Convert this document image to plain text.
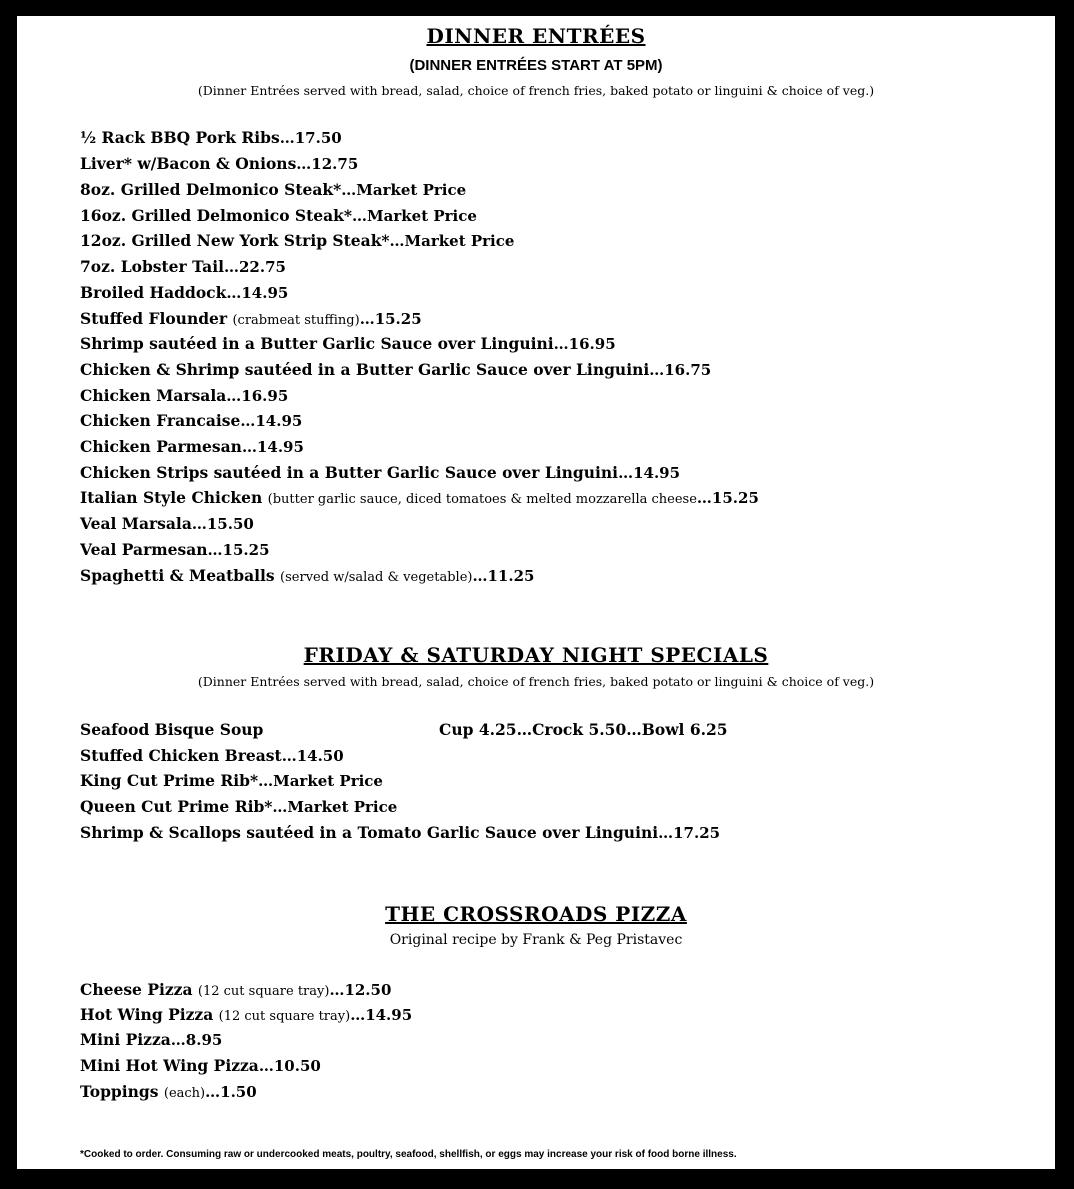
DINNER ENTRÉES
(DINNER ENTRÉES START AT 5PM)
(Dinner Entrées served with bread, salad, choice of french fries, baked potato or linguini & choice of veg.)
½ Rack BBQ Pork Ribs…17.50
Liver* w/Bacon & Onions…12.75
8oz. Grilled Delmonico Steak*…Market Price
16oz. Grilled Delmonico Steak*…Market Price
12oz. Grilled New York Strip Steak*…Market Price
7oz. Lobster Tail…22.75
Broiled Haddock…14.95
Stuffed Flounder (crabmeat stuffing)…15.25
Shrimp sautéed in a Butter Garlic Sauce over Linguini…16.95
Chicken & Shrimp sautéed in a Butter Garlic Sauce over Linguini…16.75
Chicken Marsala…16.95
Chicken Francaise…14.95
Chicken Parmesan…14.95
Chicken Strips sautéed in a Butter Garlic Sauce over Linguini…14.95
Italian Style Chicken (butter garlic sauce, diced tomatoes & melted mozzarella cheese…15.25
Veal Marsala…15.50
Veal Parmesan…15.25
Spaghetti & Meatballs (served w/salad & vegetable)…11.25
FRIDAY & SATURDAY NIGHT SPECIALS
(Dinner Entrées served with bread, salad, choice of french fries, baked potato or linguini & choice of veg.)
Seafood Bisque Soup	Cup 4.25…Crock 5.50…Bowl 6.25
Stuffed Chicken Breast…14.50
King Cut Prime Rib*…Market Price
Queen Cut Prime Rib*…Market Price
Shrimp & Scallops sautéed in a Tomato Garlic Sauce over Linguini…17.25
THE CROSSROADS PIZZA
Original recipe by Frank & Peg Pristavec
Cheese Pizza (12 cut square tray)…12.50
Hot Wing Pizza (12 cut square tray)…14.95
Mini Pizza…8.95
Mini Hot Wing Pizza…10.50
Toppings (each)…1.50
*Cooked to order. Consuming raw or undercooked meats, poultry, seafood, shellfish, or eggs may increase your risk of food borne illness.
